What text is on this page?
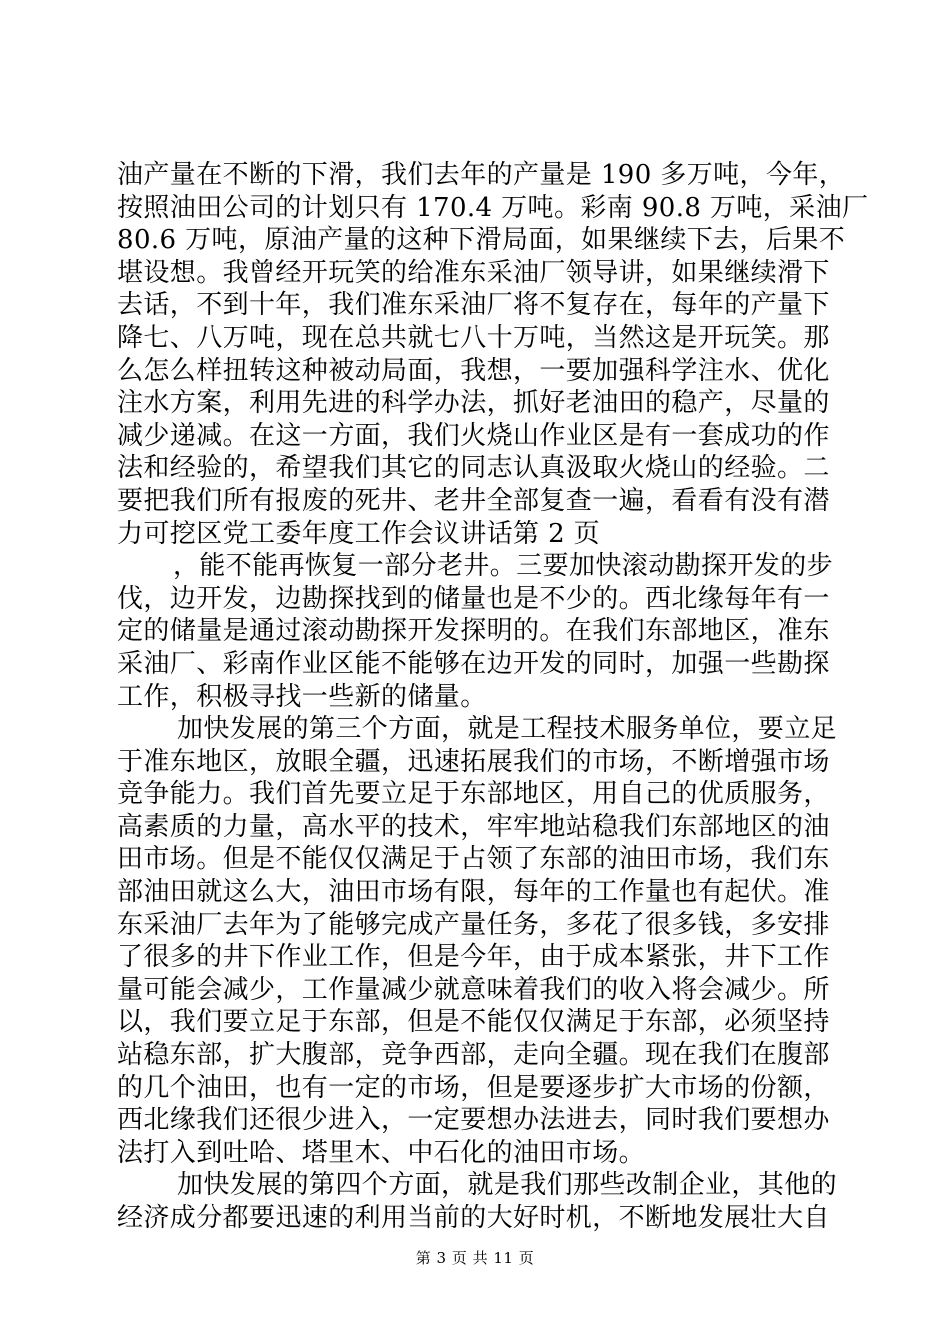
油产量在不断的下滑，我们去年的产量是 190 多万吨，今年，
按照油田公司的计划只有 170.4 万吨。彩南 90.8 万吨，采油厂
80.6 万吨，原油产量的这种下滑局面，如果继续下去，后果不
堪设想。我曾经开玩笑的给准东采油厂领导讲，如果继续滑下
去话，不到十年，我们准东采油厂将不复存在，每年的产量下
降七、八万吨，现在总共就七八十万吨，当然这是开玩笑。那
么怎么样扭转这种被动局面，我想，一要加强科学注水、优化
注水方案，利用先进的科学办法，抓好老油田的稳产，尽量的
减少递减。在这一方面，我们火烧山作业区是有一套成功的作
法和经验的，希望我们其它的同志认真汲取火烧山的经验。二
要把我们所有报废的死井、老井全部复查一遍，看看有没有潜
力可挖区党工委年度工作会议讲话第 2 页
，能不能再恢复一部分老井。三要加快滚动勘探开发的步
伐，边开发，边勘探找到的储量也是不少的。西北缘每年有一
定的储量是通过滚动勘探开发探明的。在我们东部地区，准东
采油厂、彩南作业区能不能够在边开发的同时，加强一些勘探
工作，积极寻找一些新的储量。
加快发展的第三个方面，就是工程技术服务单位，要立足
于准东地区，放眼全疆，迅速拓展我们的市场，不断增强市场
竞争能力。我们首先要立足于东部地区，用自己的优质服务，
高素质的力量，高水平的技术，牢牢地站稳我们东部地区的油
田市场。但是不能仅仅满足于占领了东部的油田市场，我们东
部油田就这么大，油田市场有限，每年的工作量也有起伏。准
东采油厂去年为了能够完成产量任务，多花了很多钱，多安排
了很多的井下作业工作，但是今年，由于成本紧张，井下工作
量可能会减少，工作量减少就意味着我们的收入将会减少。所
以，我们要立足于东部，但是不能仅仅满足于东部，必须坚持
站稳东部，扩大腹部，竞争西部，走向全疆。现在我们在腹部
的几个油田，也有一定的市场，但是要逐步扩大市场的份额，
西北缘我们还很少进入，一定要想办法进去，同时我们要想办
法打入到吐哈、塔里木、中石化的油田市场。
加快发展的第四个方面，就是我们那些改制企业，其他的
经济成分都要迅速的利用当前的大好时机，不断地发展壮大自
第 3 页 共 11 页
